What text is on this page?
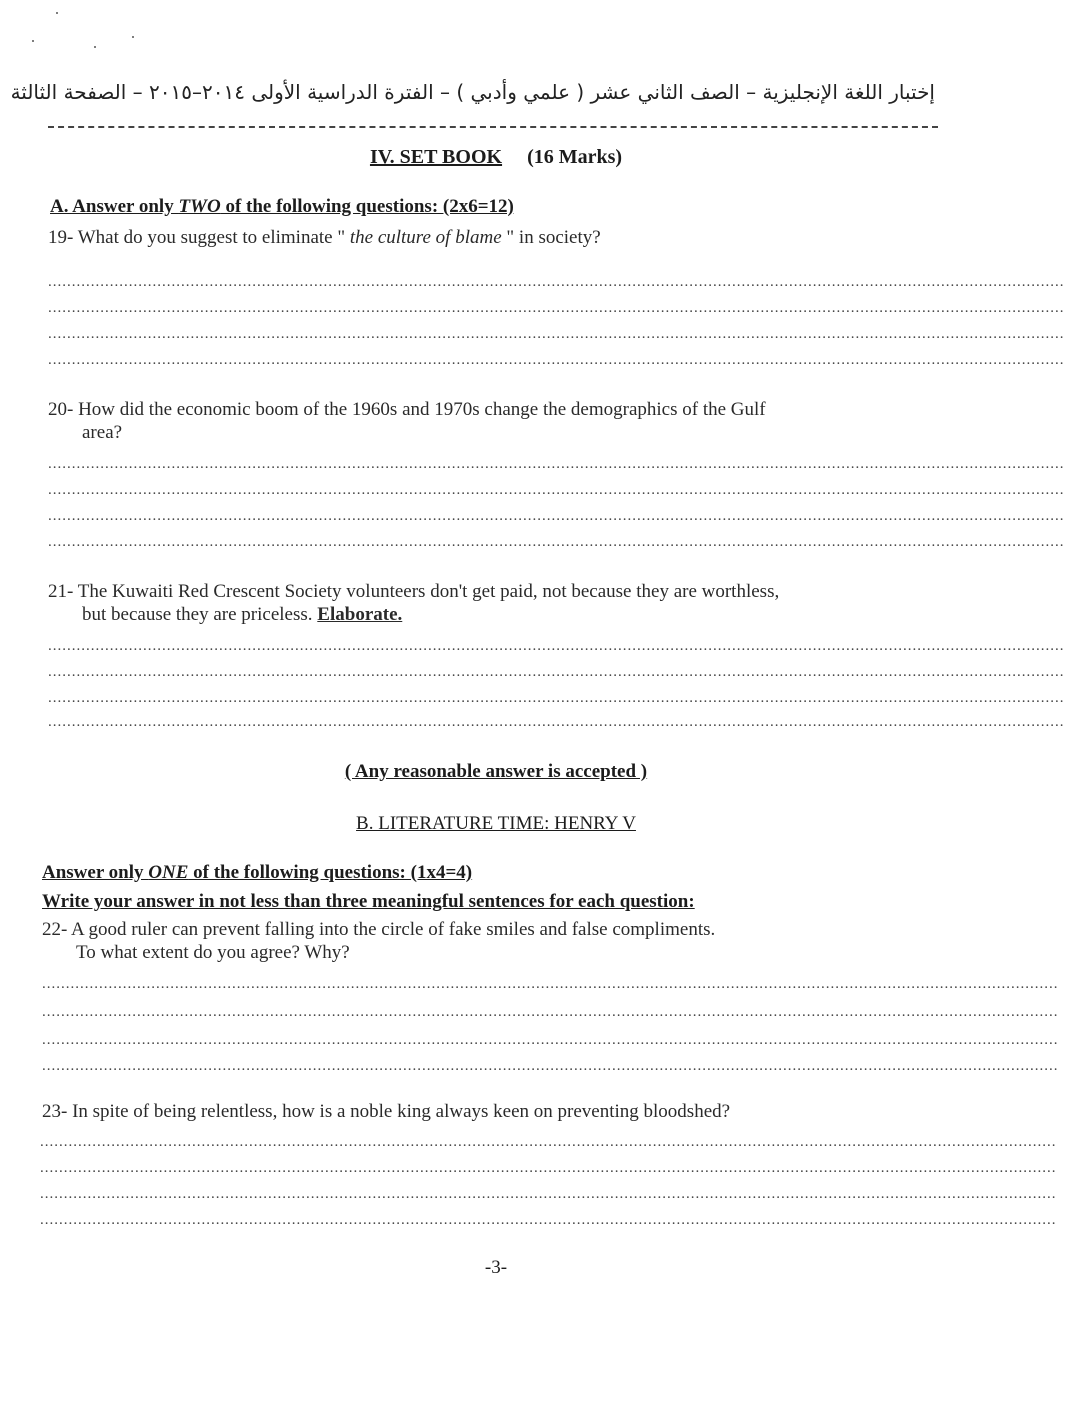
إختبار اللغة الإنجليزية – الصف الثاني عشر ( علمي وأدبي ) – الفترة الدراسية الأولى ٢٠١٤–٢٠١٥ – الصفحة الثالثة
IV. SET BOOK (16 Marks)
A. Answer only TWO of the following questions: (2x6=12)
19- What do you suggest to eliminate " the culture of blame " in society?
......................................................................................................................................................................................................................
......................................................................................................................................................................................................................
......................................................................................................................................................................................................................
......................................................................................................................................................................................................................
20- How did the economic boom of the 1960s and 1970s change the demographics of the Gulf
area?
......................................................................................................................................................................................................................
......................................................................................................................................................................................................................
......................................................................................................................................................................................................................
......................................................................................................................................................................................................................
21- The Kuwaiti Red Crescent Society volunteers don't get paid, not because they are worthless,
but because they are priceless. Elaborate.
......................................................................................................................................................................................................................
......................................................................................................................................................................................................................
......................................................................................................................................................................................................................
......................................................................................................................................................................................................................
( Any reasonable answer is accepted )
B. LITERATURE TIME: HENRY V
Answer only ONE of the following questions: (1x4=4)
Write your answer in not less than three meaningful sentences for each question:
22- A good ruler can prevent falling into the circle of fake smiles and false compliments.
To what extent do you agree? Why?
......................................................................................................................................................................................................................
......................................................................................................................................................................................................................
......................................................................................................................................................................................................................
......................................................................................................................................................................................................................
23- In spite of being relentless, how is a noble king always keen on preventing bloodshed?
......................................................................................................................................................................................................................
......................................................................................................................................................................................................................
......................................................................................................................................................................................................................
......................................................................................................................................................................................................................
-3-
